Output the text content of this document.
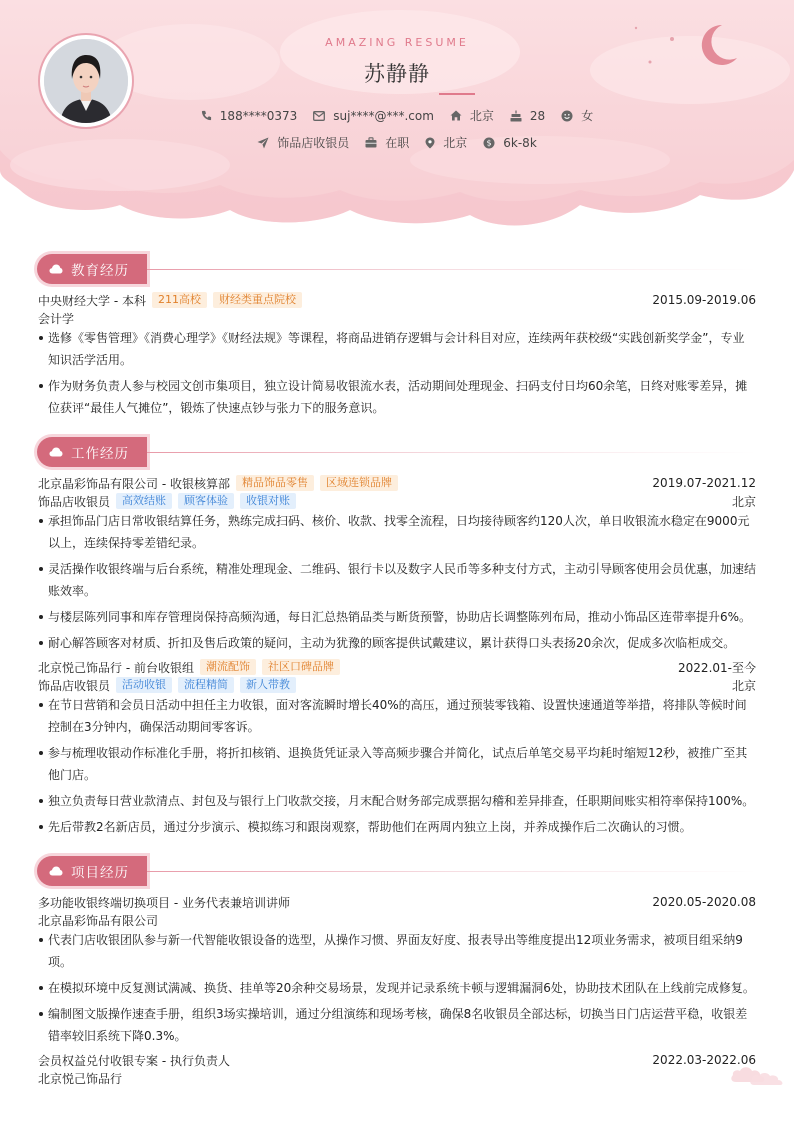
AMAZING RESUME
苏静静
188****0373	suj****@***.com	北京	28	女
饰品店收银员	在职	北京 $ 6k-8k
教育经历
中央财经大学 - 本科	211高校	财经类重点院校	2015.09-2019.06
会计学
选修《零售管理》《消费心理学》《财经法规》等课程，将商品进销存逻辑与会计科目对应，连续两年获校级“实践创新奖学金”，专业知识活学活用。
作为财务负责人参与校园文创市集项目，独立设计简易收银流水表，活动期间处理现金、扫码支付日均60余笔，日终对账零差异，摊位获评“最佳人气摊位”，锻炼了快速点钞与张力下的服务意识。
工作经历
北京晶彩饰品有限公司 - 收银核算部	精品饰品零售	区域连锁品牌	2019.07-2021.12
饰品店收银员	高效结账	顾客体验	收银对账	北京
承担饰品门店日常收银结算任务，熟练完成扫码、核价、收款、找零全流程，日均接待顾客约120人次，单日收银流水稳定在9000元以上，连续保持零差错纪录。
灵活操作收银终端与后台系统，精准处理现金、二维码、银行卡以及数字人民币等多种支付方式，主动引导顾客使用会员优惠，加速结账效率。
与楼层陈列同事和库存管理岗保持高频沟通，每日汇总热销品类与断货预警，协助店长调整陈列布局，推动小饰品区连带率提升6%。
耐心解答顾客对材质、折扣及售后政策的疑问，主动为犹豫的顾客提供试戴建议，累计获得口头表扬20余次，促成多次临柜成交。
北京悦己饰品行 - 前台收银组	潮流配饰	社区口碑品牌	2022.01-至今
饰品店收银员	活动收银	流程精简	新人带教	北京
在节日营销和会员日活动中担任主力收银，面对客流瞬时增长40%的高压，通过预装零钱箱、设置快速通道等举措，将排队等候时间控制在3分钟内，确保活动期间零客诉。
参与梳理收银动作标准化手册，将折扣核销、退换货凭证录入等高频步骤合并简化，试点后单笔交易平均耗时缩短12秒，被推广至其他门店。
独立负责每日营业款清点、封包及与银行上门收款交接，月末配合财务部完成票据勾稽和差异排查，任职期间账实相符率保持100%。
先后带教2名新店员，通过分步演示、模拟练习和跟岗观察，帮助他们在两周内独立上岗，并养成操作后二次确认的习惯。
项目经历
多功能收银终端切换项目 - 业务代表兼培训讲师	2020.05-2020.08
北京晶彩饰品有限公司
代表门店收银团队参与新一代智能收银设备的选型，从操作习惯、界面友好度、报表导出等维度提出12项业务需求，被项目组采纳9项。
在模拟环境中反复测试满减、换货、挂单等20余种交易场景，发现并记录系统卡顿与逻辑漏洞6处，协助技术团队在上线前完成修复。
编制图文版操作速查手册，组织3场实操培训，通过分组演练和现场考核，确保8名收银员全部达标，切换当日门店运营平稳，收银差错率较旧系统下降0.3%。
会员权益兑付收银专案 - 执行负责人	2022.03-2022.06
北京悦己饰品行
